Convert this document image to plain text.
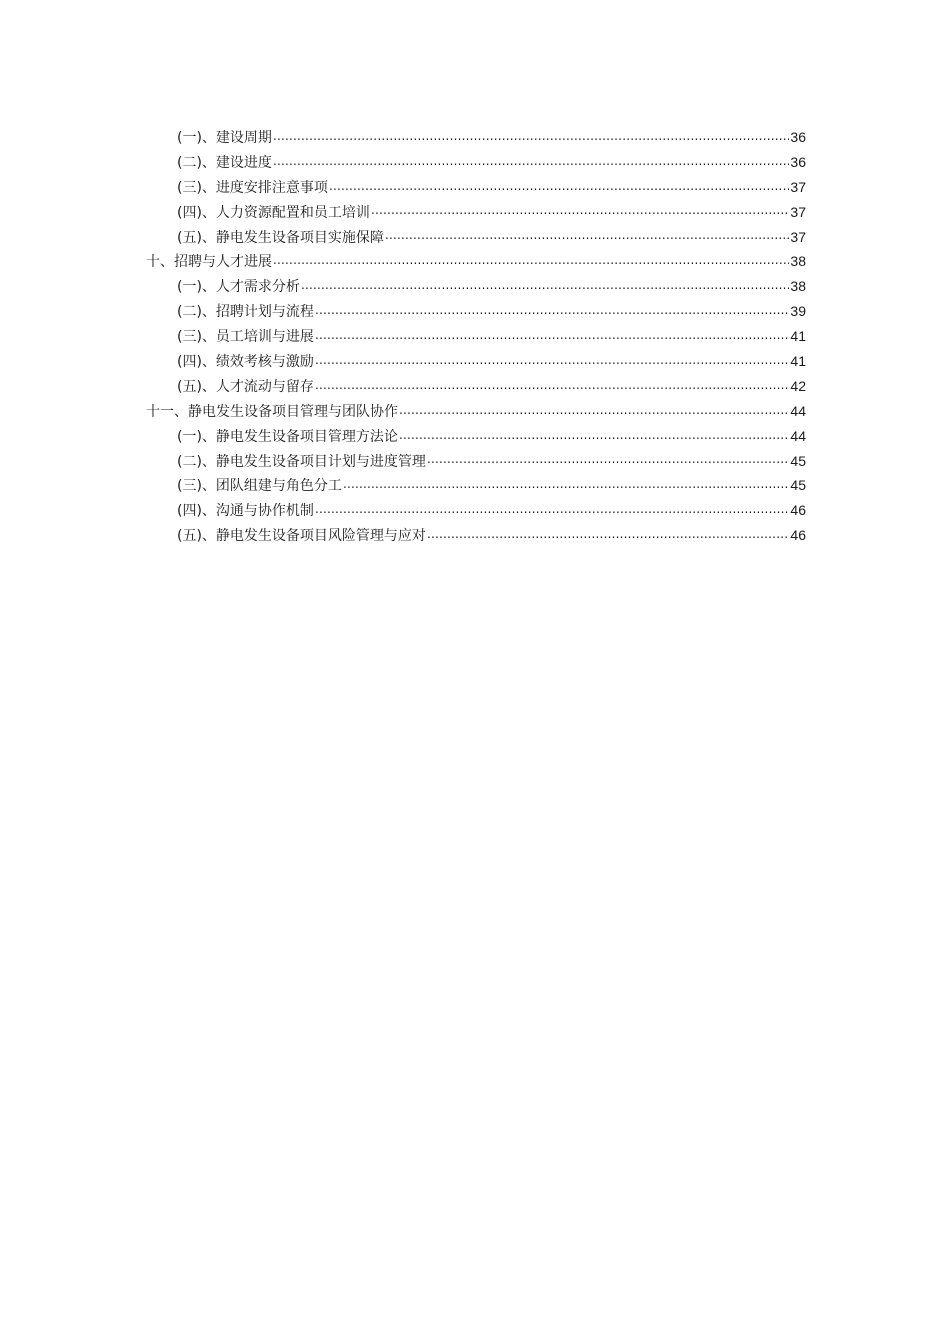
(一)、建设周期 .....	36
(二)、建设进度 .....	36
(三)、进度安排注意事项 .....	37
(四)、人力资源配置和员工培训 .....	37
(五)、静电发生设备项目实施保障 .....	37
十、招聘与人才进展 .....	38
(一)、人才需求分析 .....	38
(二)、招聘计划与流程 .....	39
(三)、员工培训与进展 .....	41
(四)、绩效考核与激励 .....	41
(五)、人才流动与留存 .....	42
十一、静电发生设备项目管理与团队协作 .....	44
(一)、静电发生设备项目管理方法论 .....	44
(二)、静电发生设备项目计划与进度管理 .....	45
(三)、团队组建与角色分工 .....	45
(四)、沟通与协作机制 .....	46
(五)、静电发生设备项目风险管理与应对 .....	46
